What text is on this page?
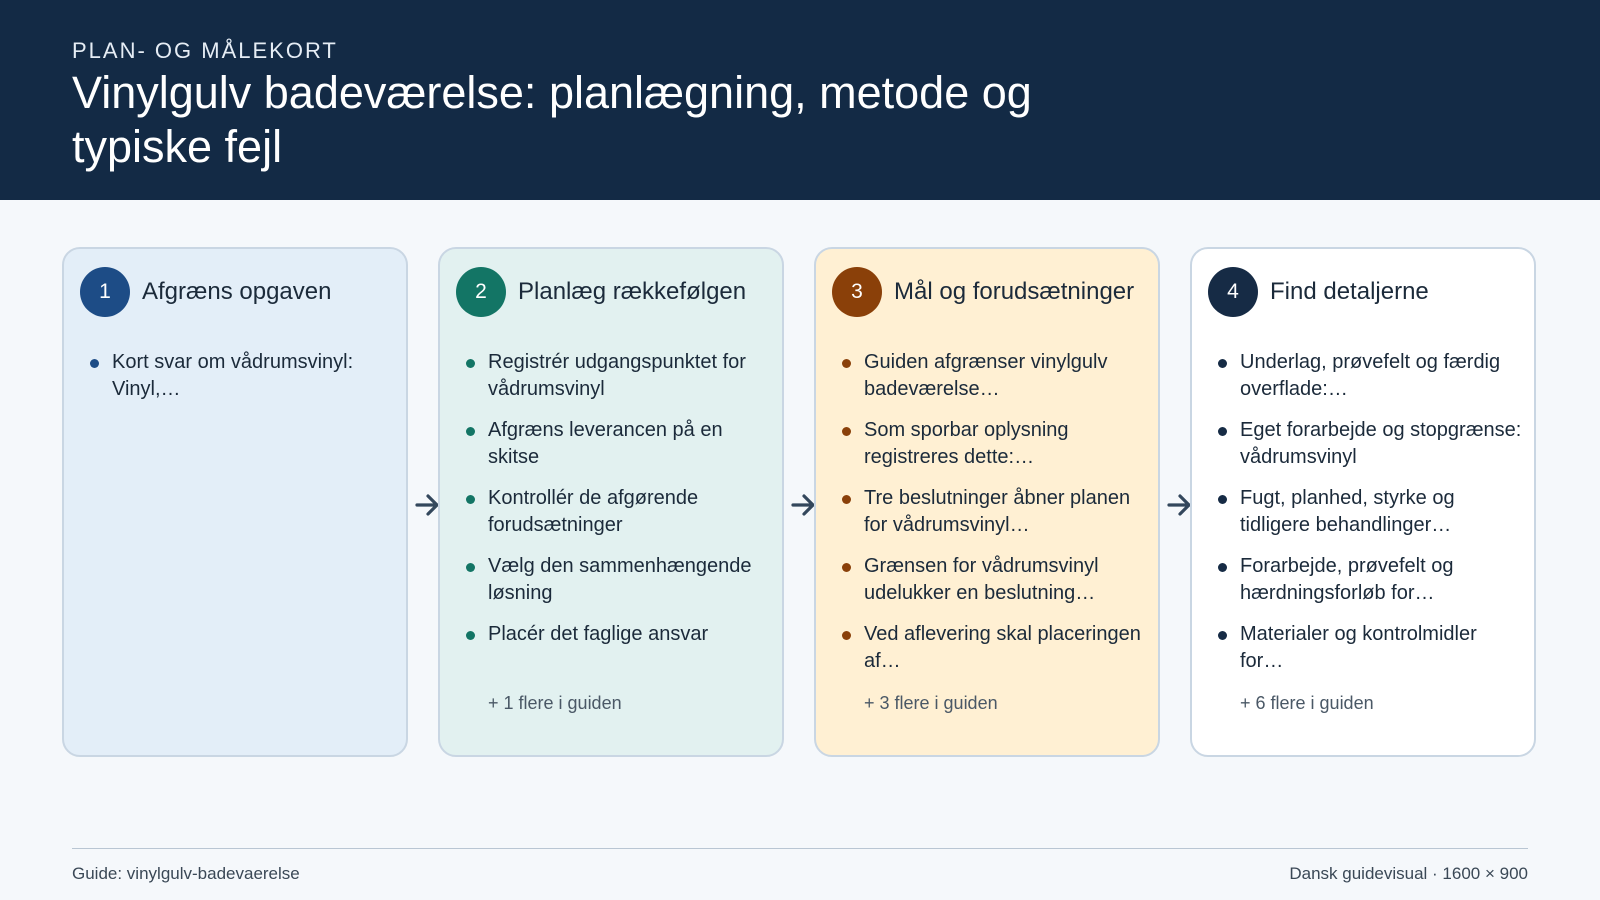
PLAN- OG MÅLEKORT
Vinylgulv badeværelse: planlægning, metode og typiske fejl
1	Afgræns opgaven
Kort svar om vådrumsvinyl: Vinyl,…
2	Planlæg rækkefølgen
Registrér udgangspunktet for vådrumsvinyl
Afgræns leverancen på en skitse
Kontrollér de afgørende forudsætninger
Vælg den sammenhængende løsning
Placér det faglige ansvar
+ 1 flere i guiden
3	Mål og forudsætninger
Guiden afgrænser vinylgulv badeværelse…
Som sporbar oplysning registreres dette:…
Tre beslutninger åbner planen for vådrumsvinyl…
Grænsen for vådrumsvinyl udelukker en beslutning…
Ved aflevering skal placeringen af…
+ 3 flere i guiden
4	Find detaljerne
Underlag, prøvefelt og færdig overflade:…
Eget forarbejde og stopgrænse: vådrumsvinyl
Fugt, planhed, styrke og tidligere behandlinger…
Forarbejde, prøvefelt og hærdningsforløb for…
Materialer og kontrolmidler for…
+ 6 flere i guiden
Guide: vinylgulv-badevaerelse	Dansk guidevisual · 1600 × 900
